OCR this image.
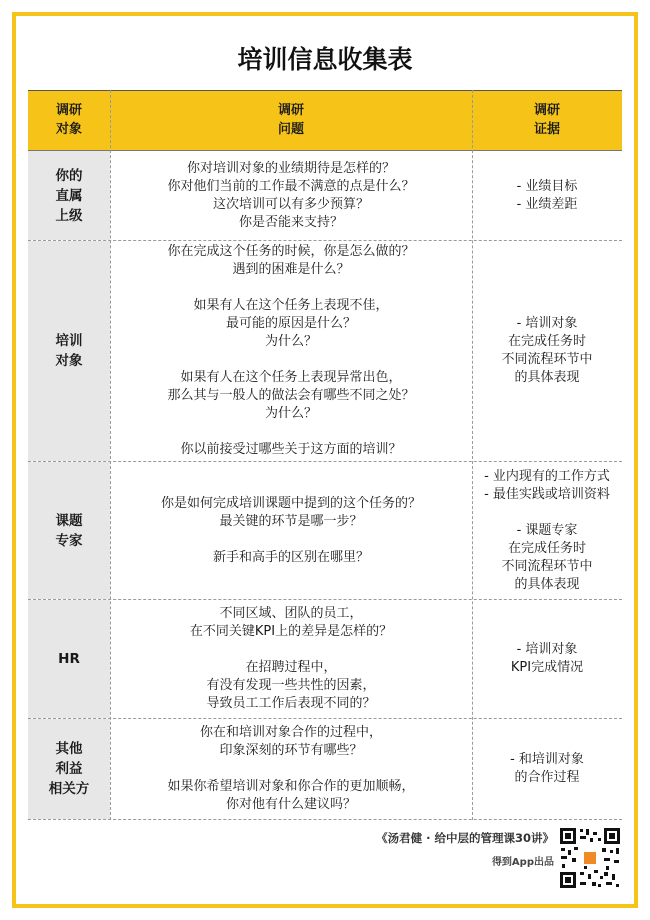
培训信息收集表
调研
对象
调研
问题
调研
证据
你的
直属
上级
你对培训对象的业绩期待是怎样的？
你对他们当前的工作最不满意的点是什么？
这次培训可以有多少预算？
你是否能来支持？
- 业绩目标
- 业绩差距
培训
对象
你在完成这个任务的时候，你是怎么做的？
遇到的困难是什么？

如果有人在这个任务上表现不佳，
最可能的原因是什么？
为什么？

如果有人在这个任务上表现异常出色，
那么其与一般人的做法会有哪些不同之处？
为什么？

你以前接受过哪些关于这方面的培训？
- 培训对象
在完成任务时
不同流程环节中
的具体表现
课题
专家
你是如何完成培训课题中提到的这个任务的？
最关键的环节是哪一步？

新手和高手的区别在哪里？
- 业内现有的工作方式
- 最佳实践或培训资料

- 课题专家
在完成任务时
不同流程环节中
的具体表现
HR
不同区域、团队的员工，
在不同关键KPI上的差异是怎样的？

在招聘过程中，
有没有发现一些共性的因素，
导致员工工作后表现不同的？
- 培训对象
KPI完成情况
其他
利益
相关方
你在和培训对象合作的过程中，
印象深刻的环节有哪些？

如果你希望培训对象和你合作的更加顺畅，
你对他有什么建议吗？
- 和培训对象
的合作过程
《汤君健 · 给中层的管理课30讲》
得到App出品
